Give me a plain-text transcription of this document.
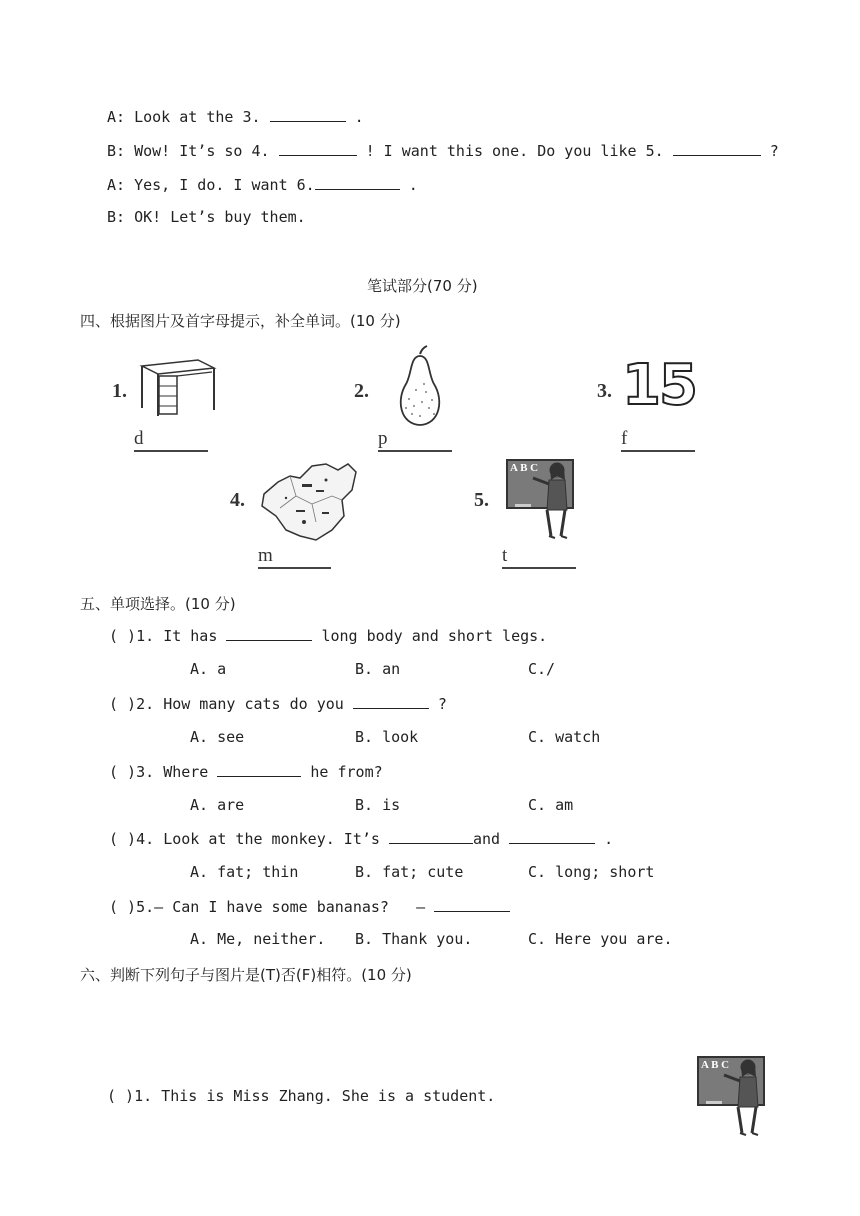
A: Look at the 3.	.
B: Wow! It’s so 4.	! I want this one. Do you like 5.	?
A: Yes, I do. I want 6.	.
B: OK! Let’s buy them.
笔试部分(70 分)
四、根据图片及首字母提示，补全单词。(10 分)
1.
d
2.
p
3. 15
f
4.
m
5.
A B C
t
五、单项选择。(10 分)
( )1. It has	long body and short legs.
A. a	B. an	C./
( )2. How many cats do you	?
A. see	B. look	C. watch
( )3. Where	he from?
A. are	B. is	C. am
( )4. Look at the monkey. It’s	and	.
A. fat; thin	B. fat; cute	C. long; short
( )5.— Can I have some bananas? —
A. Me, neither. B. Thank you.	C. Here you are.
六、判断下列句子与图片是(T)否(F)相符。(10 分)
( )1. This is Miss Zhang. She is a student.
A B C
